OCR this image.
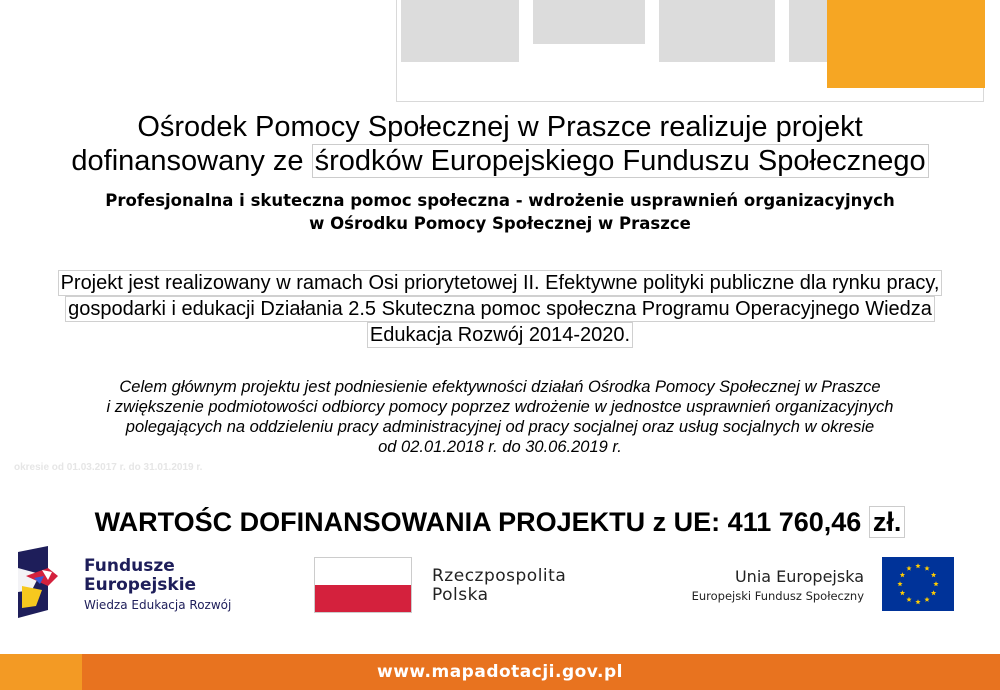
Ośrodek Pomocy Społecznej w Praszce realizuje projekt
dofinansowany ze środków Europejskiego Funduszu Społecznego
Profesjonalna i skuteczna pomoc społeczna - wdrożenie usprawnień organizacyjnych
w Ośrodku Pomocy Społecznej w Praszce
Projekt jest realizowany w ramach Osi priorytetowej II. Efektywne polityki publiczne dla rynku pracy,
gospodarki i edukacji Działania 2.5 Skuteczna pomoc społeczna Programu Operacyjnego Wiedza
Edukacja Rozwój 2014-2020.
Celem głównym projektu jest podniesienie efektywności działań Ośrodka Pomocy Społecznej w Praszce
i zwiększenie podmiotowości odbiorcy pomocy poprzez wdrożenie w jednostce usprawnień organizacyjnych
polegających na oddzieleniu pracy administracyjnej od pracy socjalnej oraz usług socjalnych w okresie
od 02.01.2018 r. do 30.06.2019 r.
okresie od 01.03.2017 r. do 31.01.2019 r.
WARTOŚC DOFINANSOWANIA PROJEKTU z UE: 411 760,46 zł.
Fundusze
Europejskie
Wiedza Edukacja Rozwój
Rzeczpospolita
Polska
Unia Europejska
Europejski Fundusz Społeczny
www.mapadotacji.gov.pl
